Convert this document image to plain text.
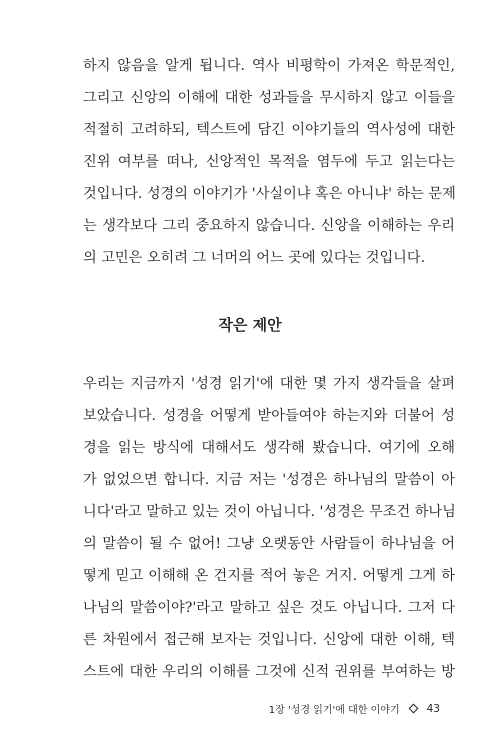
하지 않음을 알게 됩니다. 역사 비평학이 가져온 학문적인,
그리고 신앙의 이해에 대한 성과들을 무시하지 않고 이들을
적절히 고려하되, 텍스트에 담긴 이야기들의 역사성에 대한
진위 여부를 떠나, 신앙적인 목적을 염두에 두고 읽는다는
것입니다. 성경의 이야기가 '사실이냐 혹은 아니냐' 하는 문제
는 생각보다 그리 중요하지 않습니다. 신앙을 이해하는 우리
의 고민은 오히려 그 너머의 어느 곳에 있다는 것입니다.
작은 제안
우리는 지금까지 '성경 읽기'에 대한 몇 가지 생각들을 살펴
보았습니다. 성경을 어떻게 받아들여야 하는지와 더불어 성
경을 읽는 방식에 대해서도 생각해 봤습니다. 여기에 오해
가 없었으면 합니다. 지금 저는 '성경은 하나님의 말씀이 아
니다'라고 말하고 있는 것이 아닙니다. '성경은 무조건 하나님
의 말씀이 될 수 없어! 그냥 오랫동안 사람들이 하나님을 어
떻게 믿고 이해해 온 건지를 적어 놓은 거지. 어떻게 그게 하
나님의 말씀이야?'라고 말하고 싶은 것도 아닙니다. 그저 다
른 차원에서 접근해 보자는 것입니다. 신앙에 대한 이해, 텍
스트에 대한 우리의 이해를 그것에 신적 권위를 부여하는 방
1장 '성경 읽기'에 대한 이야기	43
